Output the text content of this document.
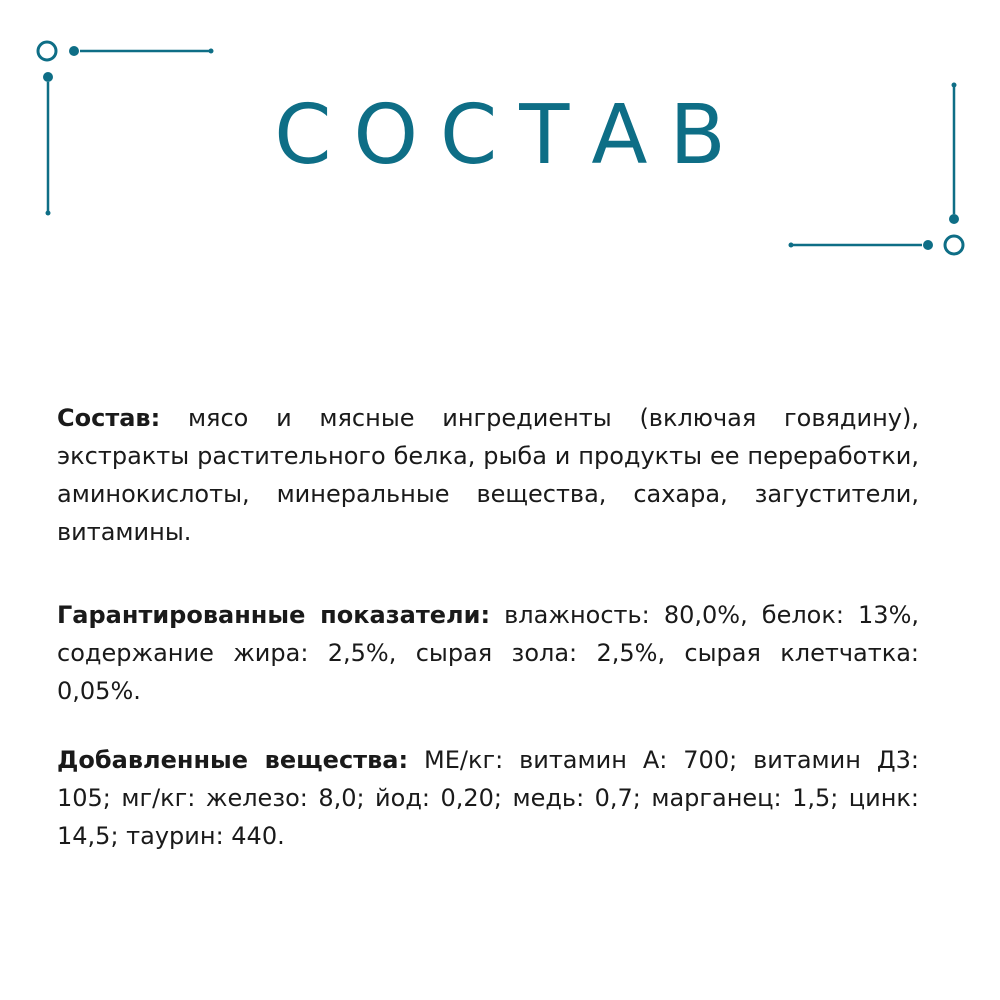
СОСТАВ
Состав: мясо и мясные ингредиенты (включая говядину), экстракты растительного белка, рыба и продукты ее переработки, аминокислоты, минеральные вещества, сахара, загустители, витамины.
Гарантированные показатели: влажность: 80,0%, белок: 13%, содержание жира: 2,5%, сырая зола: 2,5%, сырая клетчатка: 0,05%.
Добавленные вещества: МЕ/кг: витамин А: 700; витамин Д3: 105; мг/кг: железо: 8,0; йод: 0,20; медь: 0,7; марганец: 1,5; цинк: 14,5; таурин: 440.
